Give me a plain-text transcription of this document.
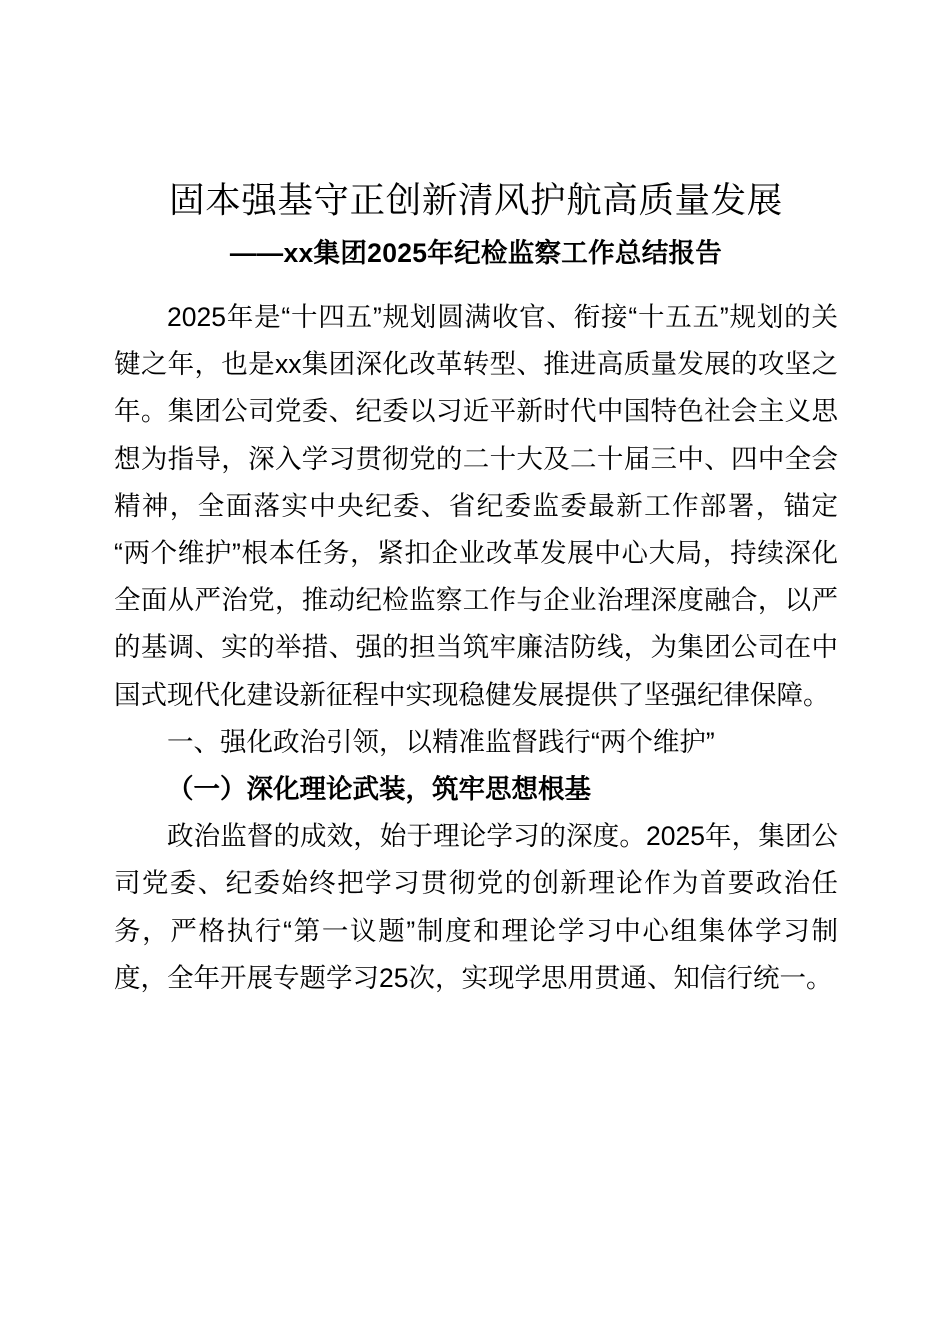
固本强基守正创新清风护航高质量发展
——xx集团2025年纪检监察工作总结报告

2025年是“十四五”规划圆满收官、衔接“十五五”规划的关键之年，也是xx集团深化改革转型、推进高质量发展的攻坚之年。集团公司党委、纪委以习近平新时代中国特色社会主义思想为指导，深入学习贯彻党的二十大及二十届三中、四中全会精神，全面落实中央纪委、省纪委监委最新工作部署，锚定“两个维护”根本任务，紧扣企业改革发展中心大局，持续深化全面从严治党，推动纪检监察工作与企业治理深度融合，以严的基调、实的举措、强的担当筑牢廉洁防线，为集团公司在中国式现代化建设新征程中实现稳健发展提供了坚强纪律保障。

一、强化政治引领，以精准监督践行“两个维护”

（一）深化理论武装，筑牢思想根基

政治监督的成效，始于理论学习的深度。2025年，集团公司党委、纪委始终把学习贯彻党的创新理论作为首要政治任务，严格执行“第一议题”制度和理论学习中心组集体学习制度，全年开展专题学习25次，实现学思用贯通、知信行统一。
